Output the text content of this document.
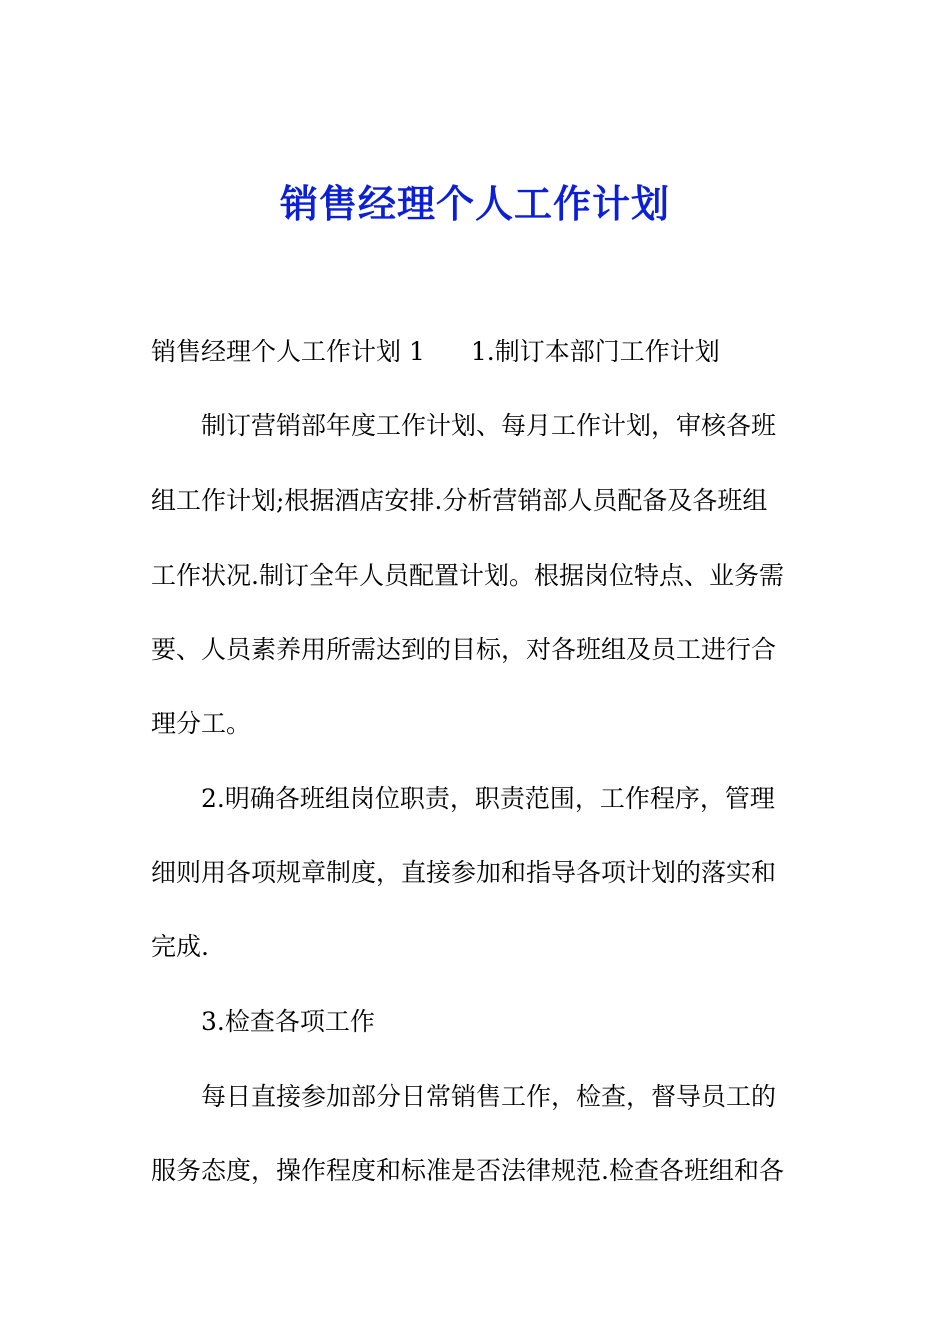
销售经理个人工作计划
销售经理个人工作计划 1 1.制订本部门工作计划
制订营销部年度工作计划、每月工作计划，审核各班
组工作计划;根据酒店安排.分析营销部人员配备及各班组
工作状况.制订全年人员配置计划。根据岗位特点、业务需
要、人员素养用所需达到的目标，对各班组及员工进行合
理分工。
2.明确各班组岗位职责，职责范围，工作程序，管理
细则用各项规章制度，直接参加和指导各项计划的落实和
完成.
3.检查各项工作
每日直接参加部分日常销售工作，检查，督导员工的
服务态度，操作程度和标准是否法律规范.检查各班组和各
